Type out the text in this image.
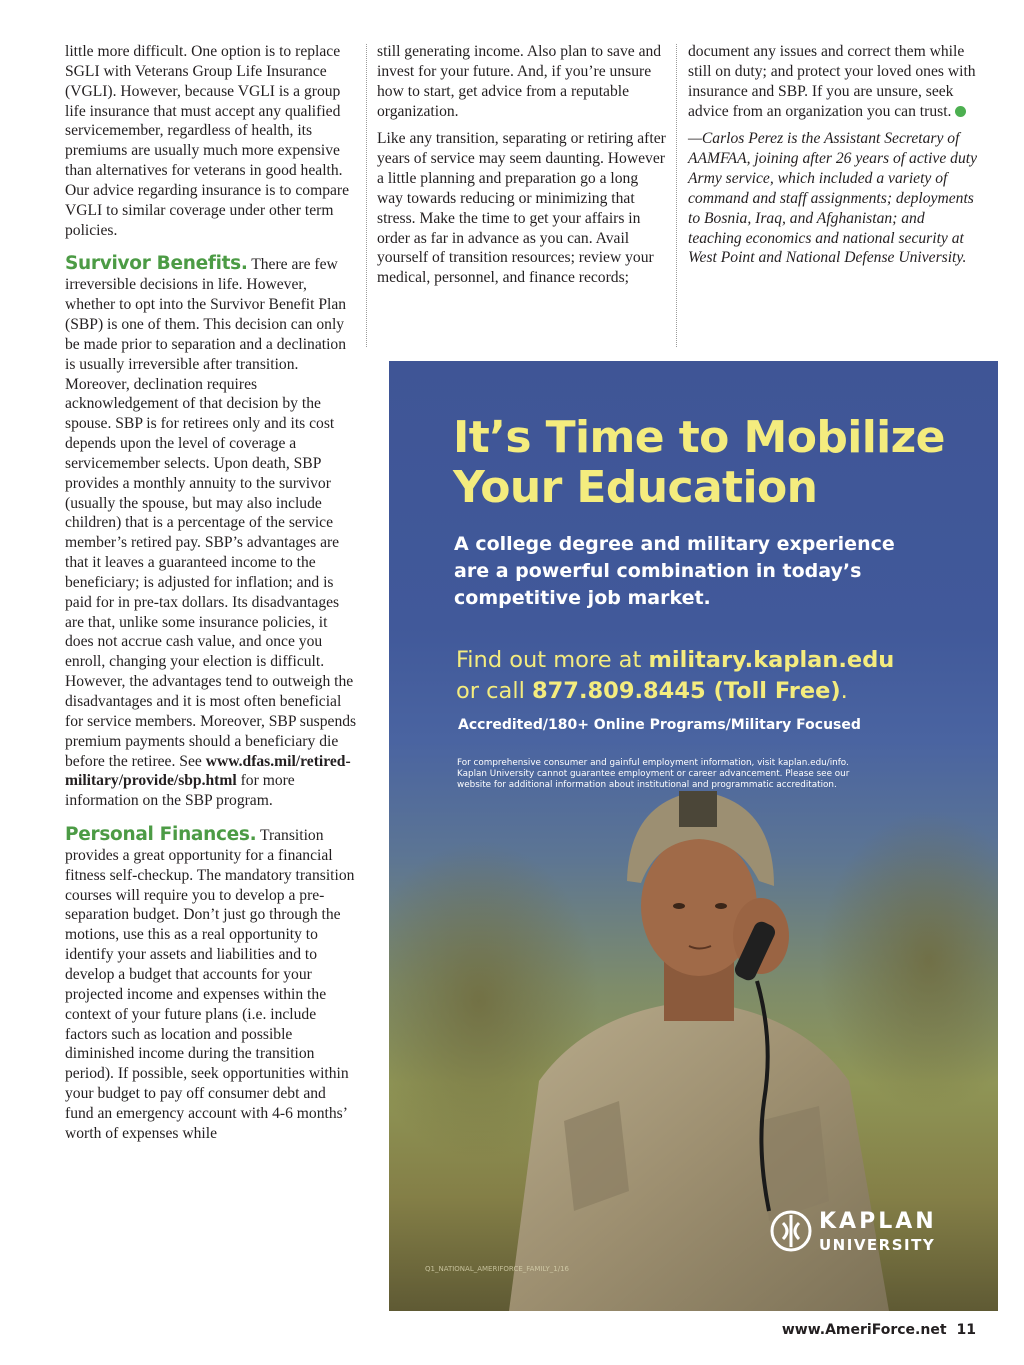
little more difficult. One option is to replace SGLI with Veterans Group Life Insurance (VGLI). However, because VGLI is a group life insurance that must accept any qualified servicemember, regardless of health, its premiums are usually much more expensive than alternatives for veterans in good health. Our advice regarding insurance is to compare VGLI to similar coverage under other term policies.

Survivor Benefits. There are few irreversible decisions in life. However, whether to opt into the Survivor Benefit Plan (SBP) is one of them. This decision can only be made prior to separation and a declination is usually irreversible after transition. Moreover, declination requires acknowledgement of that decision by the spouse. SBP is for retirees only and its cost depends upon the level of coverage a servicemember selects. Upon death, SBP provides a monthly annuity to the survivor (usually the spouse, but may also include children) that is a percentage of the service member’s retired pay. SBP’s advantages are that it leaves a guaranteed income to the beneficiary; is adjusted for inflation; and is paid for in pre-tax dollars. Its disadvantages are that, unlike some insurance policies, it does not accrue cash value, and once you enroll, changing your election is difficult. However, the advantages tend to outweigh the disadvantages and it is most often beneficial for service members. Moreover, SBP suspends premium payments should a beneficiary die before the retiree. See www.dfas.mil/retired-military/provide/sbp.html for more information on the SBP program.

Personal Finances. Transition provides a great opportunity for a financial fitness self-checkup. The mandatory transition courses will require you to develop a pre-separation budget. Don’t just go through the motions, use this as a real opportunity to identify your assets and liabilities and to develop a budget that accounts for your projected income and expenses within the context of your future plans (i.e. include factors such as location and possible diminished income during the transition period). If possible, seek opportunities within your budget to pay off consumer debt and fund an emergency account with 4-6 months’ worth of expenses while

still generating income. Also plan to save and invest for your future. And, if you’re unsure how to start, get advice from a reputable organization.

Like any transition, separating or retiring after years of service may seem daunting. However a little planning and preparation go a long way towards reducing or minimizing that stress. Make the time to get your affairs in order as far in advance as you can. Avail yourself of transition resources; review your medical, personnel, and finance records;

document any issues and correct them while still on duty; and protect your loved ones with insurance and SBP. If you are unsure, seek advice from an organization you can trust.

—Carlos Perez is the Assistant Secretary of AAMFAA, joining after 26 years of active duty Army service, which included a variety of command and staff assignments; deployments to Bosnia, Iraq, and Afghanistan; and teaching economics and national security at West Point and National Defense University.

It’s Time to Mobilize Your Education

A college degree and military experience are a powerful combination in today’s competitive job market.

Find out more at military.kaplan.edu
or call 877.809.8445 (Toll Free).

Accredited/180+ Online Programs/Military Focused

For comprehensive consumer and gainful employment information, visit kaplan.edu/info. Kaplan University cannot guarantee employment or career advancement. Please see our website for additional information about institutional and programmatic accreditation.

KAPLAN
UNIVERSITY

Q1_NATIONAL_AMERIFORCE_FAMILY_1/16

www.AmeriForce.net 11
